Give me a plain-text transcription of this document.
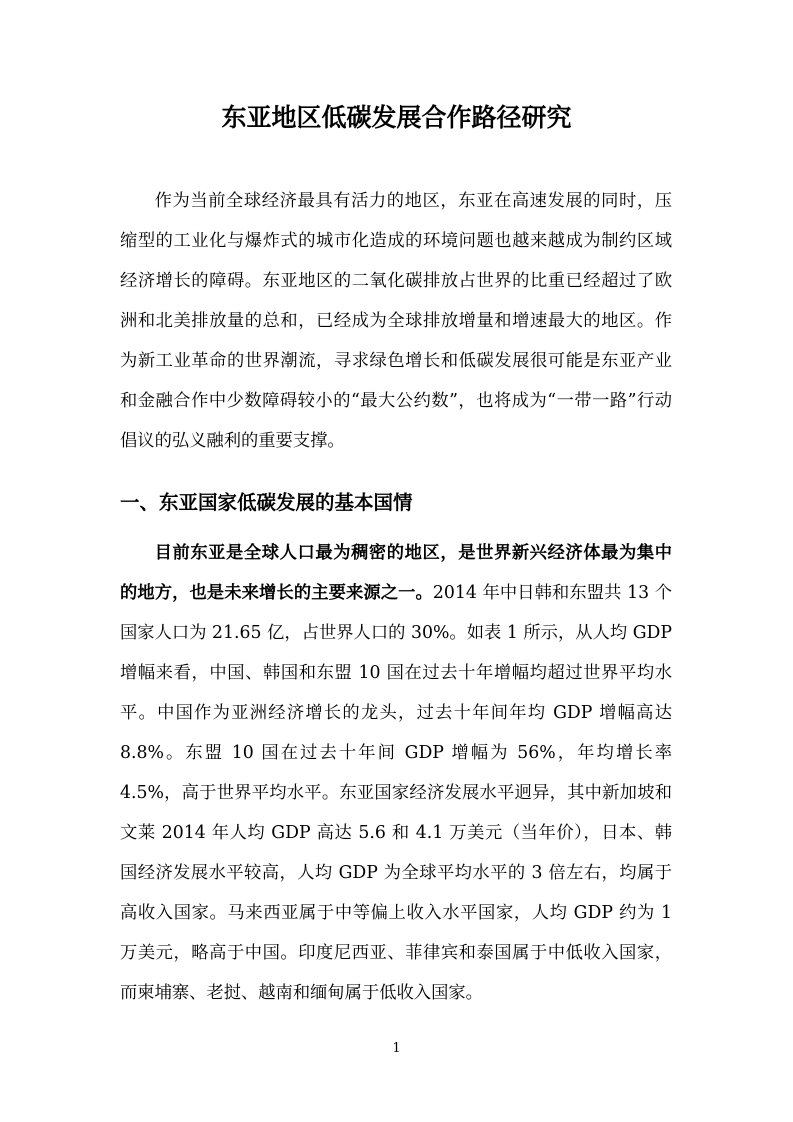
东亚地区低碳发展合作路径研究

作为当前全球经济最具有活力的地区，东亚在高速发展的同时，压缩型的工业化与爆炸式的城市化造成的环境问题也越来越成为制约区域经济增长的障碍。东亚地区的二氧化碳排放占世界的比重已经超过了欧洲和北美排放量的总和，已经成为全球排放增量和增速最大的地区。作为新工业革命的世界潮流，寻求绿色增长和低碳发展很可能是东亚产业和金融合作中少数障碍较小的“最大公约数”，也将成为“一带一路”行动倡议的弘义融利的重要支撑。

一、东亚国家低碳发展的基本国情

目前东亚是全球人口最为稠密的地区，是世界新兴经济体最为集中的地方，也是未来增长的主要来源之一。2014 年中日韩和东盟共 13 个国家人口为 21.65 亿，占世界人口的 30%。如表 1 所示，从人均 GDP 增幅来看，中国、韩国和东盟 10 国在过去十年增幅均超过世界平均水平。中国作为亚洲经济增长的龙头，过去十年间年均 GDP 增幅高达 8.8%。东盟 10 国在过去十年间 GDP 增幅为 56%，年均增长率 4.5%，高于世界平均水平。东亚国家经济发展水平迥异，其中新加坡和文莱 2014 年人均 GDP 高达 5.6 和 4.1 万美元（当年价），日本、韩国经济发展水平较高，人均 GDP 为全球平均水平的 3 倍左右，均属于高收入国家。马来西亚属于中等偏上收入水平国家，人均 GDP 约为 1 万美元，略高于中国。印度尼西亚、菲律宾和泰国属于中低收入国家，而柬埔寨、老挝、越南和缅甸属于低收入国家。

1
